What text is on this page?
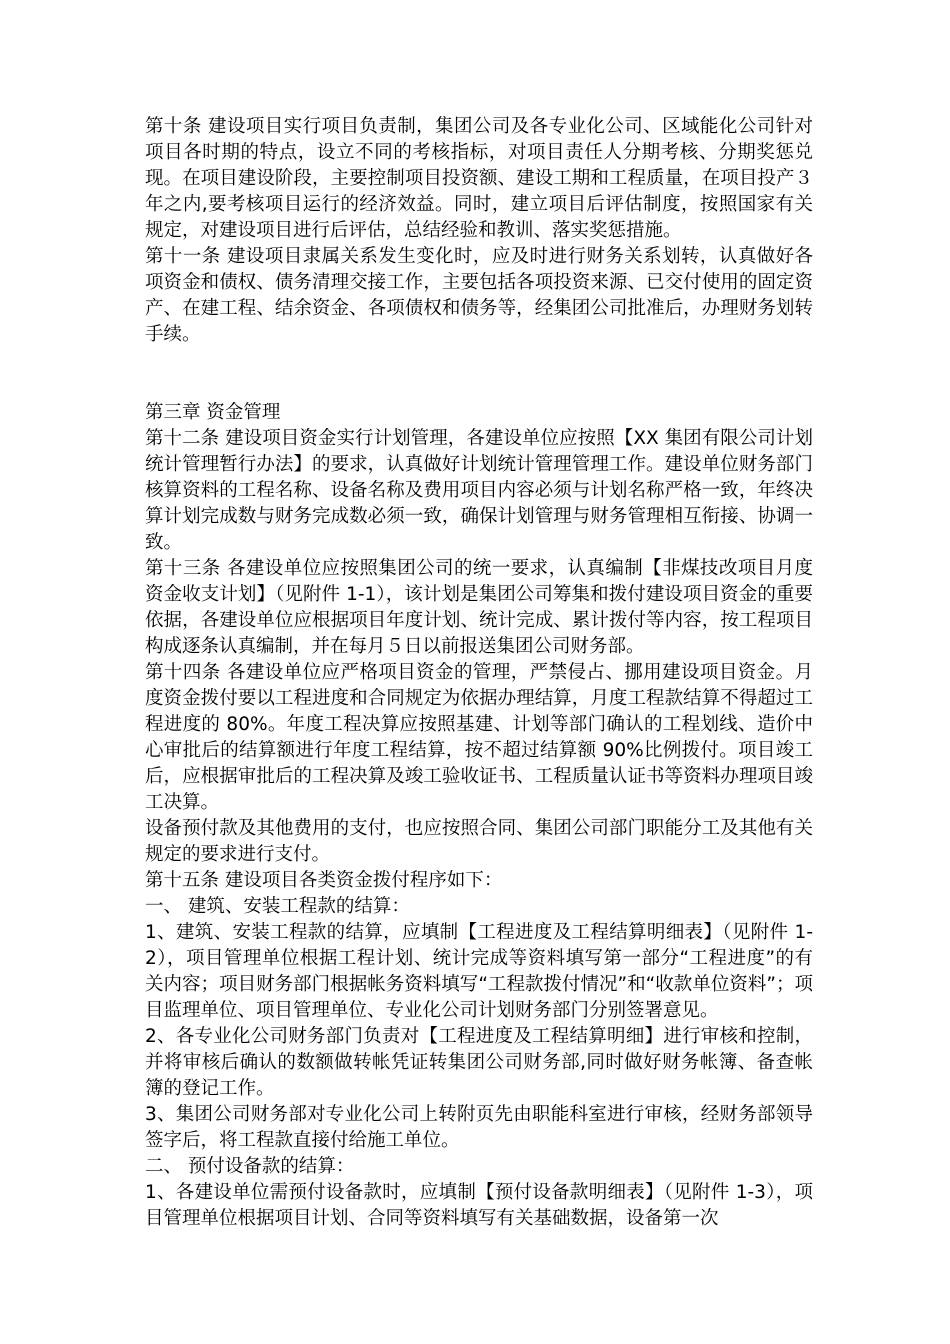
第十条 建设项目实行项目负责制，集团公司及各专业化公司、区域能化公司针对项目各时期的特点，设立不同的考核指标，对项目责任人分期考核、分期奖惩兑现。在项目建设阶段，主要控制项目投资额、建设工期和工程质量，在项目投产３年之内,要考核项目运行的经济效益。同时，建立项目后评估制度，按照国家有关规定，对建设项目进行后评估，总结经验和教训、落实奖惩措施。

第十一条 建设项目隶属关系发生变化时，应及时进行财务关系划转，认真做好各项资金和债权、债务清理交接工作，主要包括各项投资来源、已交付使用的固定资产、在建工程、结余资金、各项债权和债务等，经集团公司批准后，办理财务划转手续。

第三章 资金管理

第十二条 建设项目资金实行计划管理，各建设单位应按照【XX 集团有限公司计划统计管理暂行办法】的要求，认真做好计划统计管理管理工作。建设单位财务部门核算资料的工程名称、设备名称及费用项目内容必须与计划名称严格一致，年终决算计划完成数与财务完成数必须一致，确保计划管理与财务管理相互衔接、协调一致。

第十三条 各建设单位应按照集团公司的统一要求，认真编制【非煤技改项目月度资金收支计划】（见附件 1-1），该计划是集团公司筹集和拨付建设项目资金的重要依据，各建设单位应根据项目年度计划、统计完成、累计拨付等内容，按工程项目构成逐条认真编制，并在每月５日以前报送集团公司财务部。

第十四条 各建设单位应严格项目资金的管理，严禁侵占、挪用建设项目资金。月度资金拨付要以工程进度和合同规定为依据办理结算，月度工程款结算不得超过工程进度的 80%。年度工程决算应按照基建、计划等部门确认的工程划线、造价中心审批后的结算额进行年度工程结算，按不超过结算额 90%比例拨付。项目竣工后，应根据审批后的工程决算及竣工验收证书、工程质量认证书等资料办理项目竣工决算。

设备预付款及其他费用的支付，也应按照合同、集团公司部门职能分工及其他有关规定的要求进行支付。

第十五条 建设项目各类资金拨付程序如下：

一、 建筑、安装工程款的结算：

1、建筑、安装工程款的结算，应填制【工程进度及工程结算明细表】（见附件 1-2），项目管理单位根据工程计划、统计完成等资料填写第一部分“工程进度”的有关内容；项目财务部门根据帐务资料填写“工程款拨付情况”和“收款单位资料”；项目监理单位、项目管理单位、专业化公司计划财务部门分别签署意见。

2、各专业化公司财务部门负责对【工程进度及工程结算明细】进行审核和控制，并将审核后确认的数额做转帐凭证转集团公司财务部,同时做好财务帐簿、备查帐簿的登记工作。

3、集团公司财务部对专业化公司上转附页先由职能科室进行审核，经财务部领导签字后，将工程款直接付给施工单位。

二、 预付设备款的结算：

1、各建设单位需预付设备款时，应填制【预付设备款明细表】（见附件 1-3），项目管理单位根据项目计划、合同等资料填写有关基础数据，设备第一次
